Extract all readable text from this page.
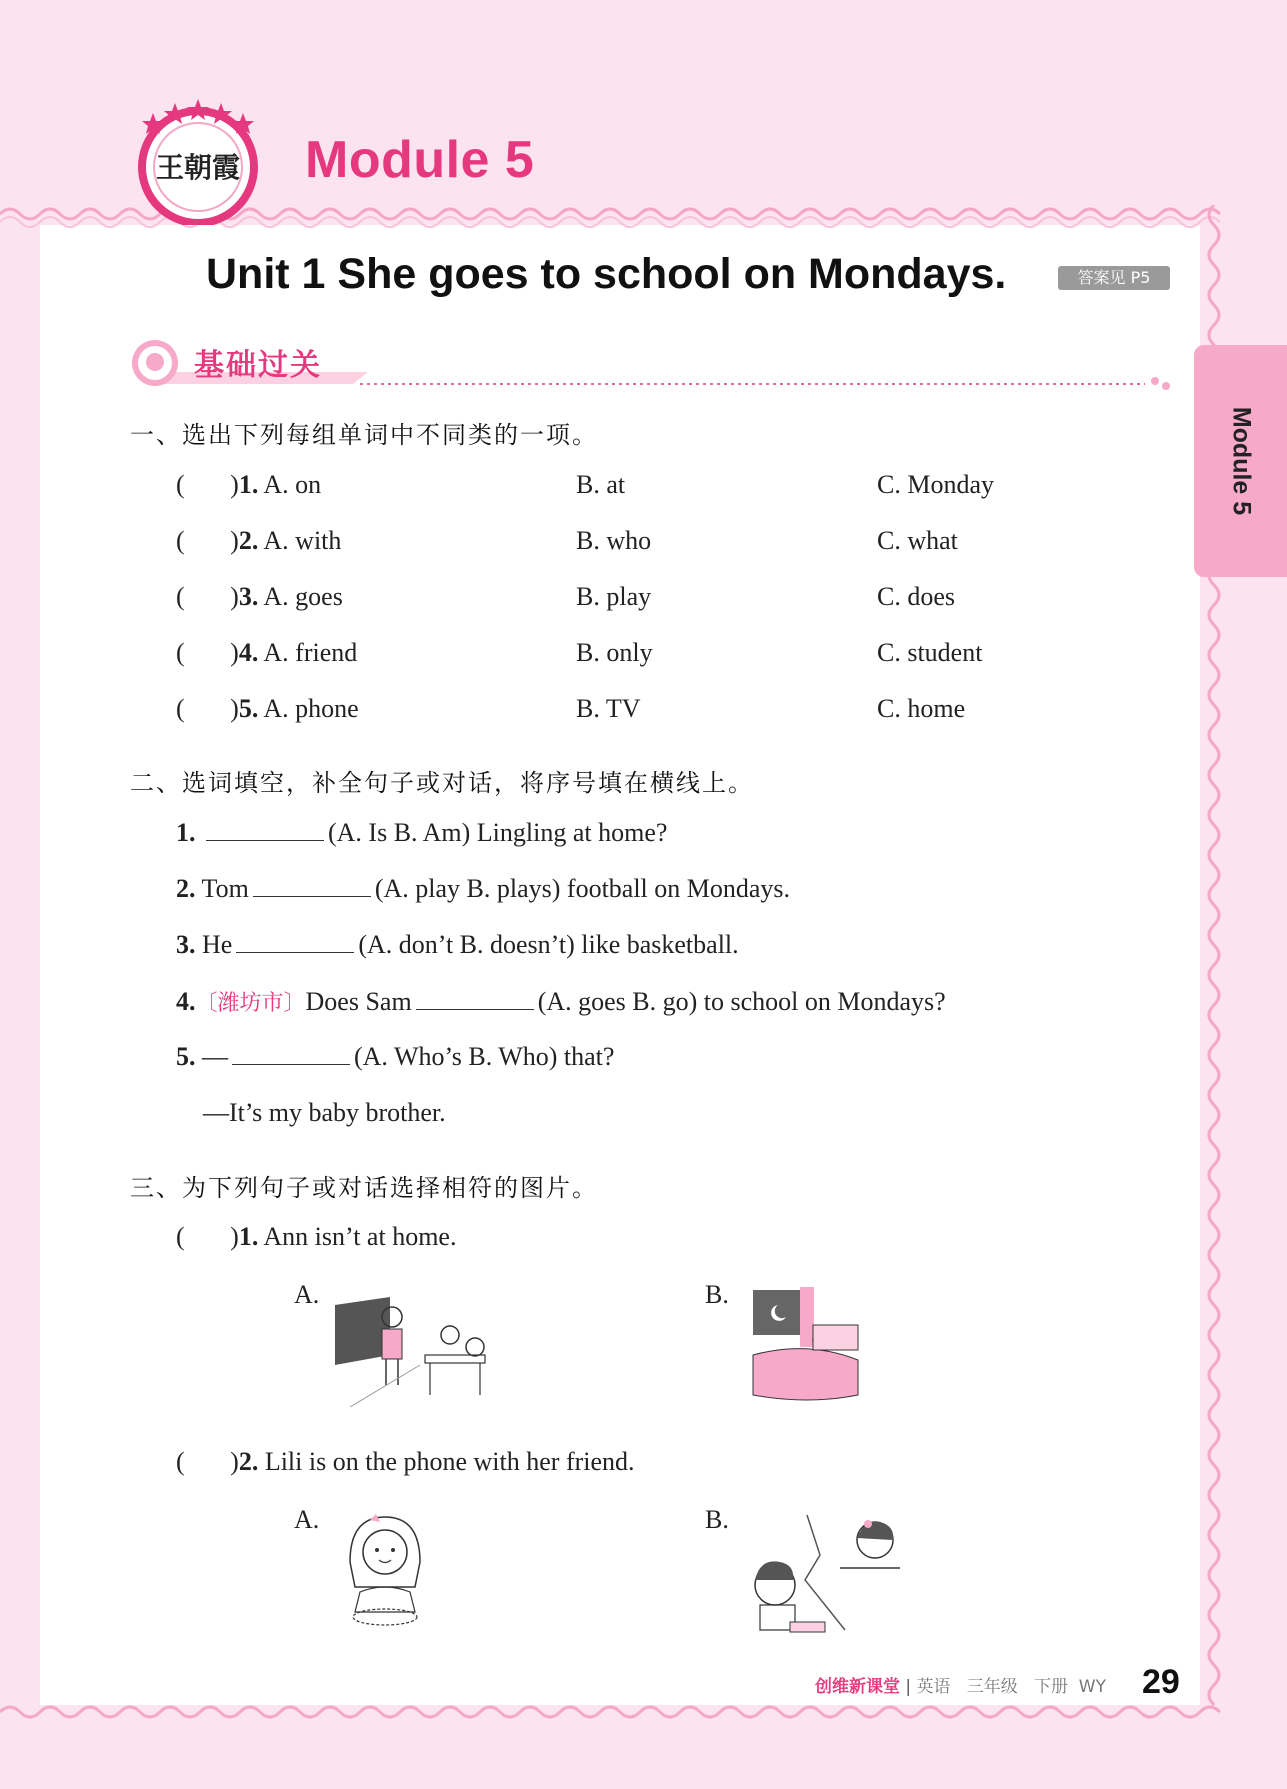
王朝霞 Module 5
Unit 1 She goes to school on Mondays.	答案见 P5
Module 5
基础过关
一、选出下列每组单词中不同类的一项。
(       )1. A. on	B. at	C. Monday
(       )2. A. with	B. who	C. what
(       )3. A. goes	B. play	C. does
(       )4. A. friend	B. only	C. student
(       )5. A. phone	B. TV	C. home
二、选词填空，补全句子或对话，将序号填在横线上。
1.	(A. Is B. Am) Lingling at home?
2. Tom	(A. play B. plays) football on Mondays.
3. He	(A. don’t B. doesn’t) like basketball.
4.〔潍坊市〕Does Sam	(A. goes B. go) to school on Mondays?
5. —	(A. Who’s B. Who) that?
—It’s my baby brother.
三、为下列句子或对话选择相符的图片。
(       )1. Ann isn’t at home.
A.	B.
(       )2. Lili is on the phone with her friend.
A.	B.
创维新课堂 | 英语 三年级 下册 WY 29
